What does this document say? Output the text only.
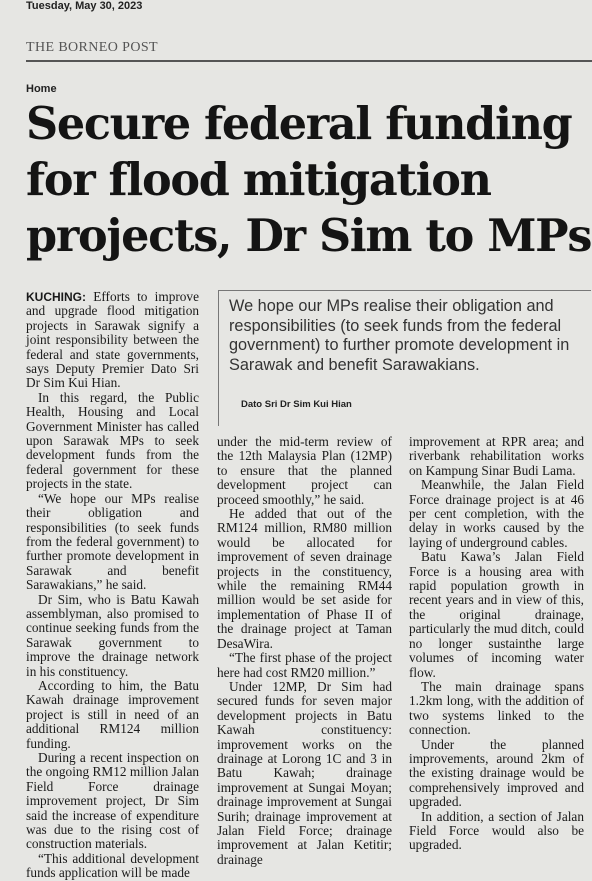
Tuesday, May 30, 2023
THE BORNEO POST
Home
Secure federal funding
for flood mitigation
projects, Dr Sim to MPs

KUCHING: Efforts to improve and upgrade flood mitigation projects in Sarawak signify a joint responsibility between the federal and state governments, says Deputy Premier Dato Sri Dr Sim Kui Hian.

In this regard, the Public Health, Housing and Local Government Minister has called upon Sarawak MPs to seek development funds from the federal government for these projects in the state.

“We hope our MPs realise their obligation and responsibilities (to seek funds from the federal government) to further promote development in Sarawak and benefit Sarawakians,” he said.

Dr Sim, who is Batu Kawah assemblyman, also promised to continue seeking funds from the Sarawak government to improve the drainage network in his constituency.

According to him, the Batu Kawah drainage improvement project is still in need of an additional RM124 million funding.

During a recent inspection on the ongoing RM12 million Jalan Field Force drainage improvement project, Dr Sim said the increase of expenditure was due to the rising cost of construction materials.

“This additional development funds application will be made

We hope our MPs realise their obligation and responsibilities (to seek funds from the federal government) to further promote development in Sarawak and benefit Sarawakians.
Dato Sri Dr Sim Kui Hian

under the mid-term review of the 12th Malaysia Plan (12MP) to ensure that the planned development project can proceed smoothly,” he said.

He added that out of the RM124 million, RM80 million would be allocated for improvement of seven drainage projects in the constituency, while the remaining RM44 million would be set aside for implementation of Phase II of the drainage project at Taman DesaWira.

“The first phase of the project here had cost RM20 million.”

Under 12MP, Dr Sim had secured funds for seven major development projects in Batu Kawah constituency: improvement works on the drainage at Lorong 1C and 3 in Batu Kawah; drainage improvement at Sungai Moyan; drainage improvement at Sungai Surih; drainage improvement at Jalan Field Force; drainage improvement at Jalan Ketitir; drainage

improvement at RPR area; and riverbank rehabilitation works on Kampung Sinar Budi Lama.

Meanwhile, the Jalan Field Force drainage project is at 46 per cent completion, with the delay in works caused by the laying of underground cables.

Batu Kawa’s Jalan Field Force is a housing area with rapid population growth in recent years and in view of this, the original drainage, particularly the mud ditch, could no longer sustainthe large volumes of incoming water flow.

The main drainage spans 1.2km long, with the addition of two systems linked to the connection.

Under the planned improvements, around 2km of the existing drainage would be comprehensively improved and upgraded.

In addition, a section of Jalan Field Force would also be upgraded.
